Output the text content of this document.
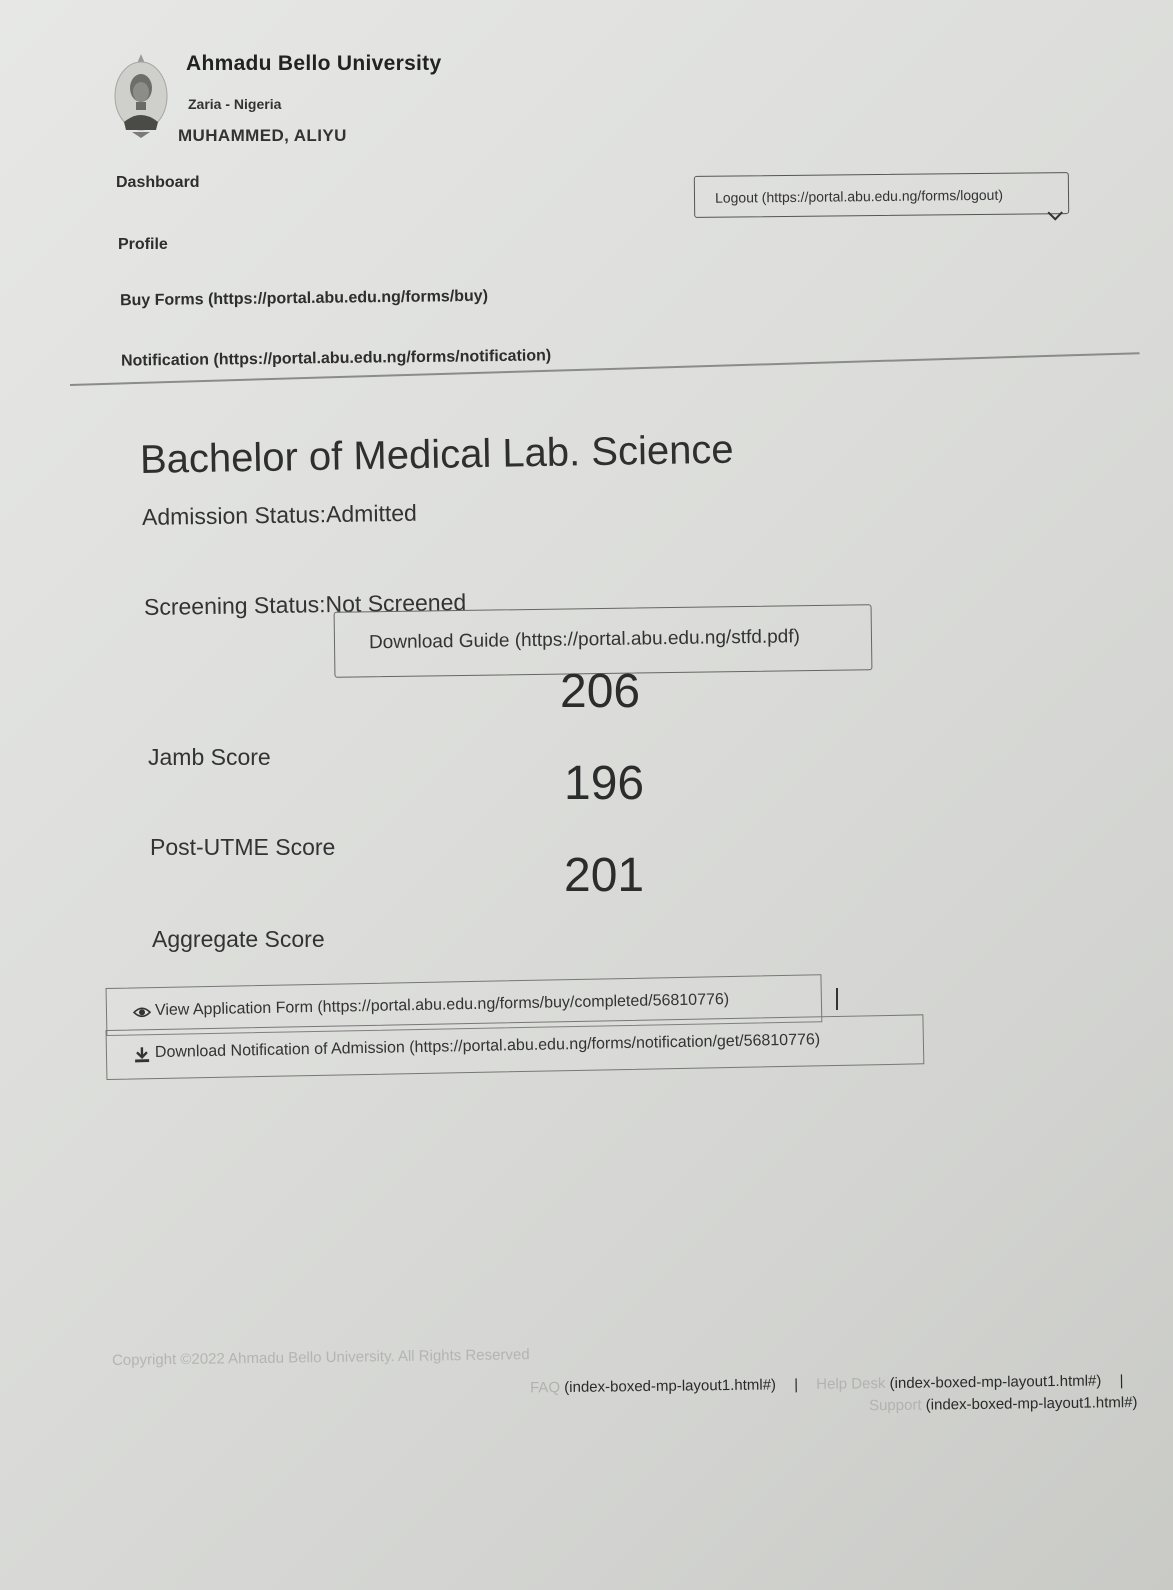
Ahmadu Bello University
Zaria - Nigeria
MUHAMMED, ALIYU
Dashboard
Profile
Buy Forms (https://portal.abu.edu.ng/forms/buy)
Notification (https://portal.abu.edu.ng/forms/notification)
Logout (https://portal.abu.edu.ng/forms/logout)
Bachelor of Medical Lab. Science
Admission Status:Admitted
Screening Status:Not Screened
Download Guide (https://portal.abu.edu.ng/stfd.pdf)
206
Jamb Score	196
Post-UTME Score
201
Aggregate Score
View Application Form (https://portal.abu.edu.ng/forms/buy/completed/56810776)
Download Notification of Admission (https://portal.abu.edu.ng/forms/notification/get/56810776)
Copyright ©2022 Ahmadu Bello University. All Rights Reserved
FAQ (index-boxed-mp-layout1.html#) | Help Desk (index-boxed-mp-layout1.html#) |
Support (index-boxed-mp-layout1.html#)
